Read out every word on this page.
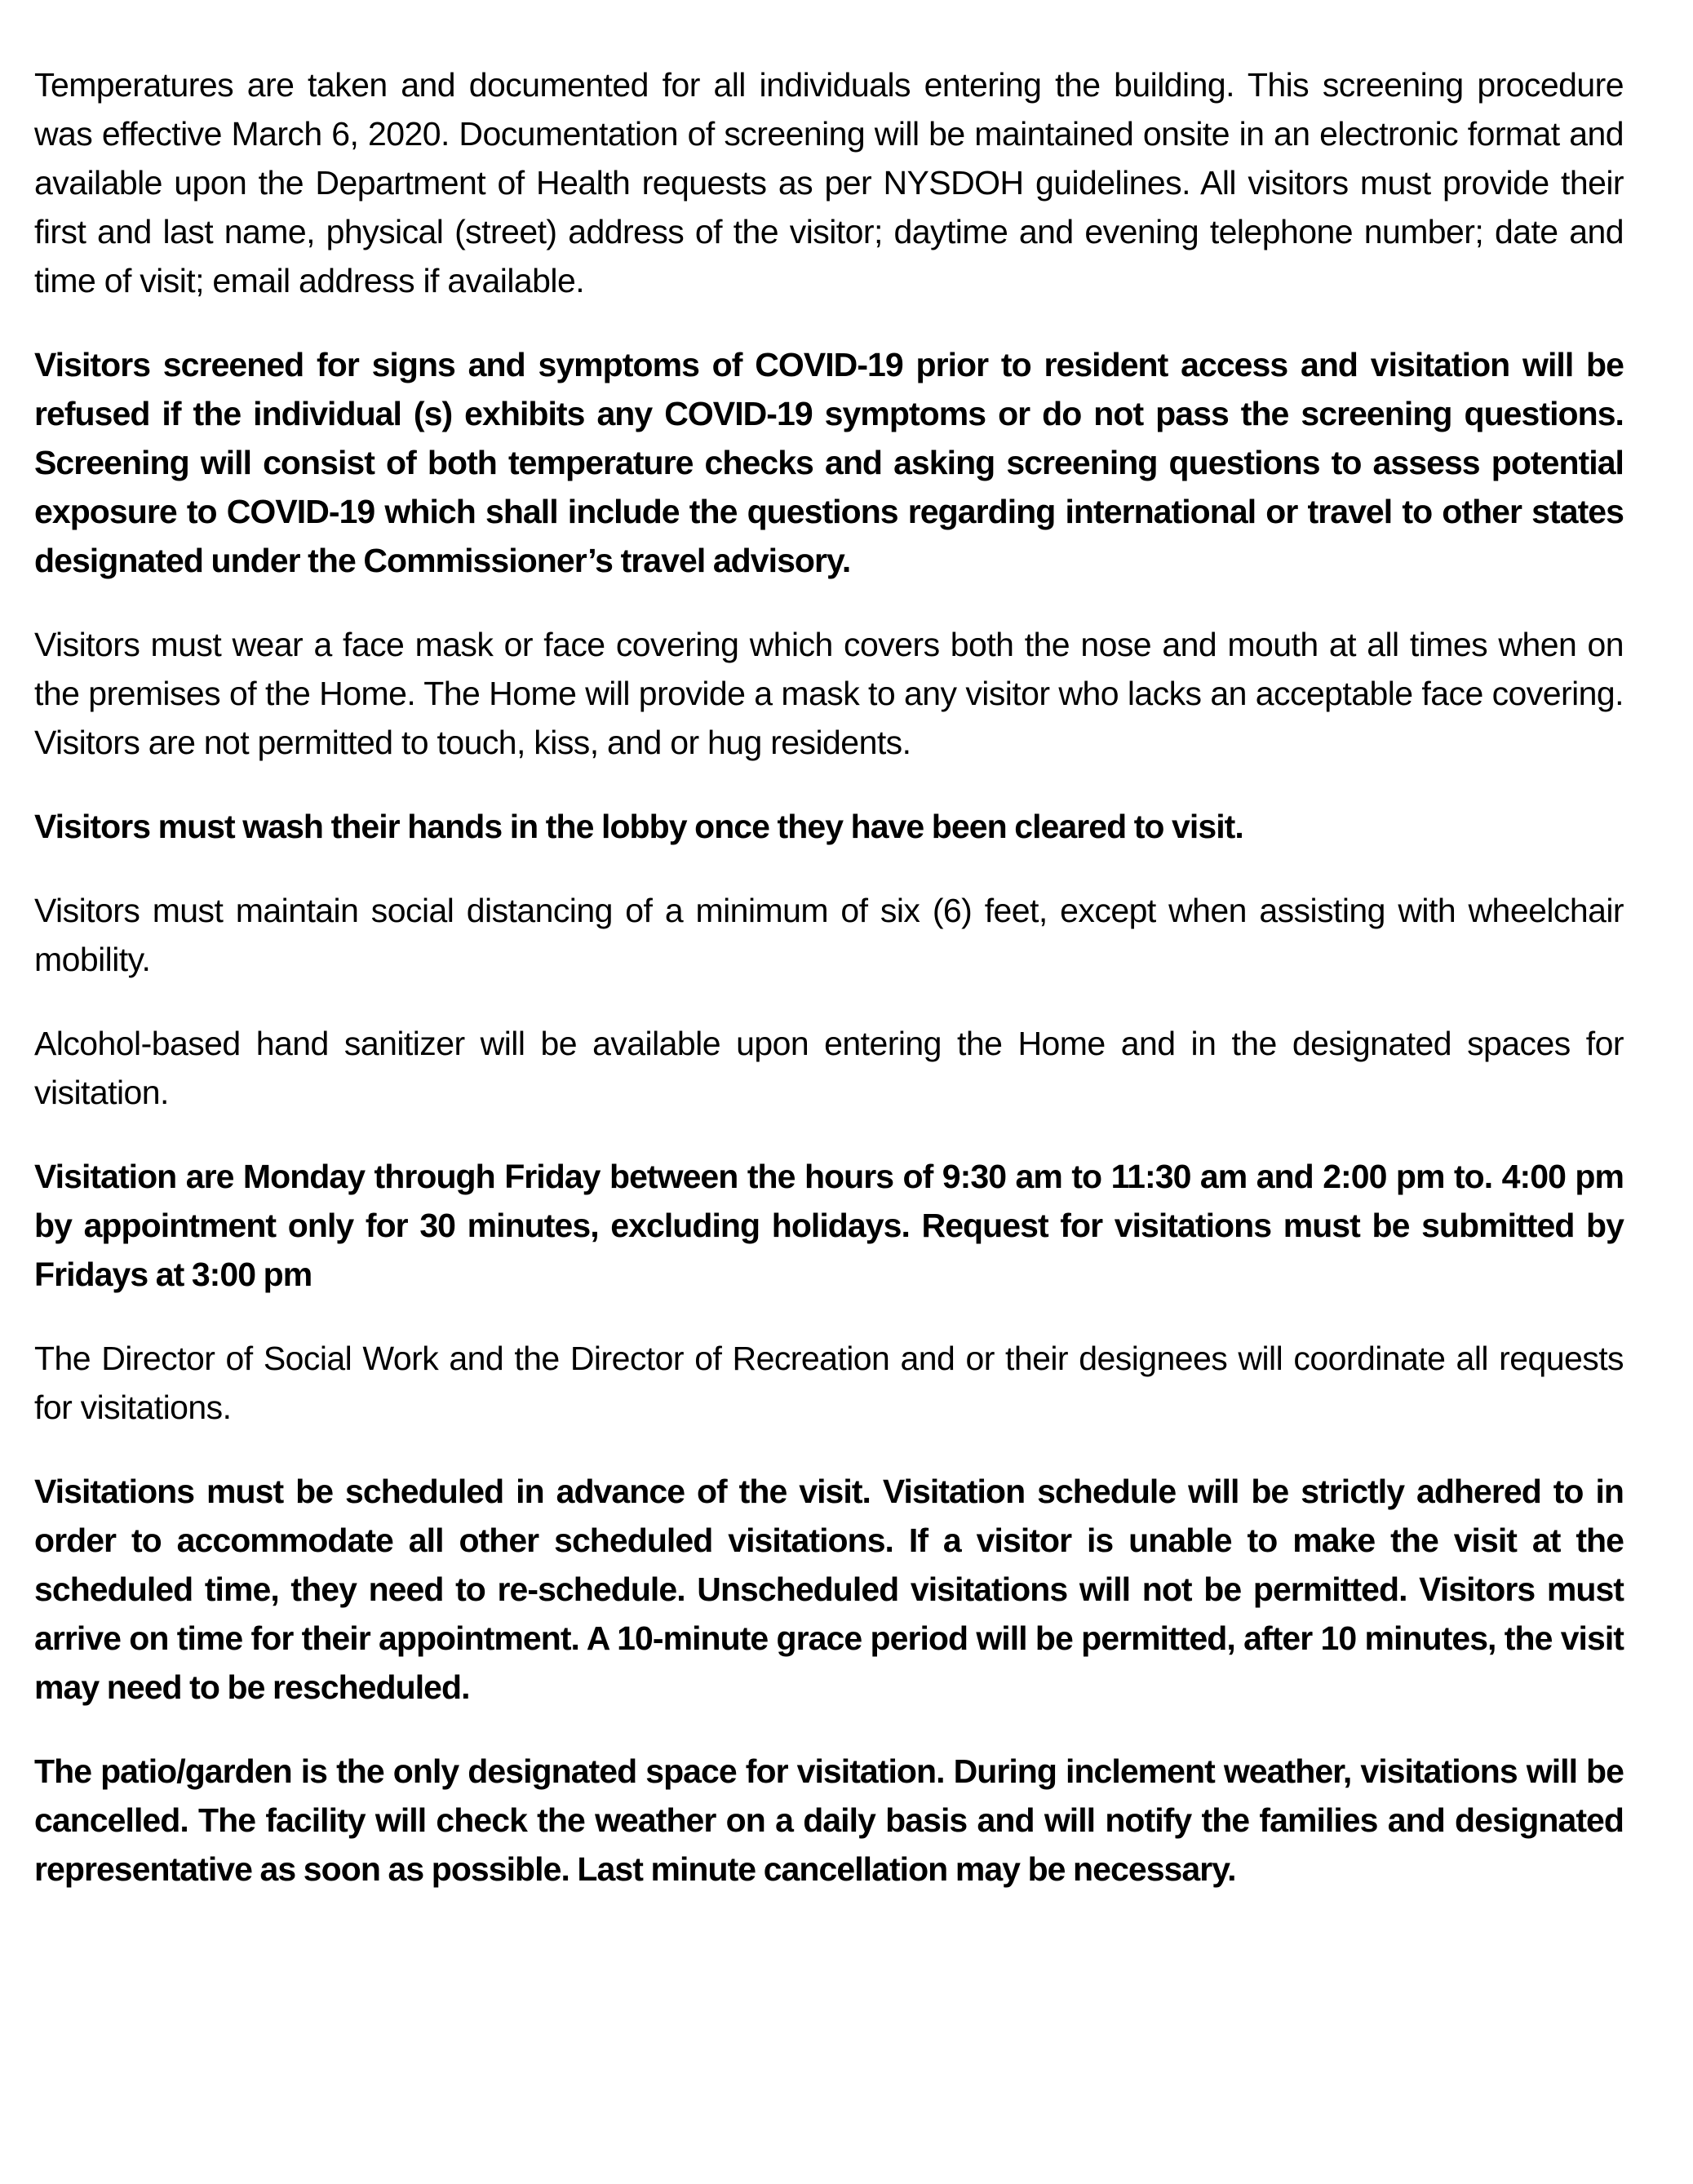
Temperatures are taken and documented for all individuals entering the building. This screening procedure was effective March 6, 2020. Documentation of screening will be maintained onsite in an electronic format and available upon the Department of Health requests as per NYSDOH guidelines. All visitors must provide their first and last name, physical (street) address of the visitor; daytime and evening telephone number; date and time of visit; email address if available.

Visitors screened for signs and symptoms of COVID-19 prior to resident access and visitation will be refused if the individual (s) exhibits any COVID-19 symptoms or do not pass the screening questions. Screening will consist of both temperature checks and asking screening questions to assess potential exposure to COVID-19 which shall include the questions regarding international or travel to other states designated under the Commissioner’s travel advisory.

Visitors must wear a face mask or face covering which covers both the nose and mouth at all times when on the premises of the Home. The Home will provide a mask to any visitor who lacks an acceptable face covering. Visitors are not permitted to touch, kiss, and or hug residents.

Visitors must wash their hands in the lobby once they have been cleared to visit.

Visitors must maintain social distancing of a minimum of six (6) feet, except when assisting with wheelchair mobility.

Alcohol-based hand sanitizer will be available upon entering the Home and in the designated spaces for visitation.

Visitation are Monday through Friday between the hours of 9:30 am to 11:30 am and 2:00 pm to. 4:00 pm by appointment only for 30 minutes, excluding holidays. Request for visitations must be submitted by Fridays at 3:00 pm

The Director of Social Work and the Director of Recreation and or their designees will coordinate all requests for visitations.

Visitations must be scheduled in advance of the visit. Visitation schedule will be strictly adhered to in order to accommodate all other scheduled visitations. If a visitor is unable to make the visit at the scheduled time, they need to re-schedule. Unscheduled visitations will not be permitted. Visitors must arrive on time for their appointment. A 10-minute grace period will be permitted, after 10 minutes, the visit may need to be rescheduled.

The patio/garden is the only designated space for visitation. During inclement weather, visitations will be cancelled. The facility will check the weather on a daily basis and will notify the families and designated representative as soon as possible. Last minute cancellation may be necessary.
